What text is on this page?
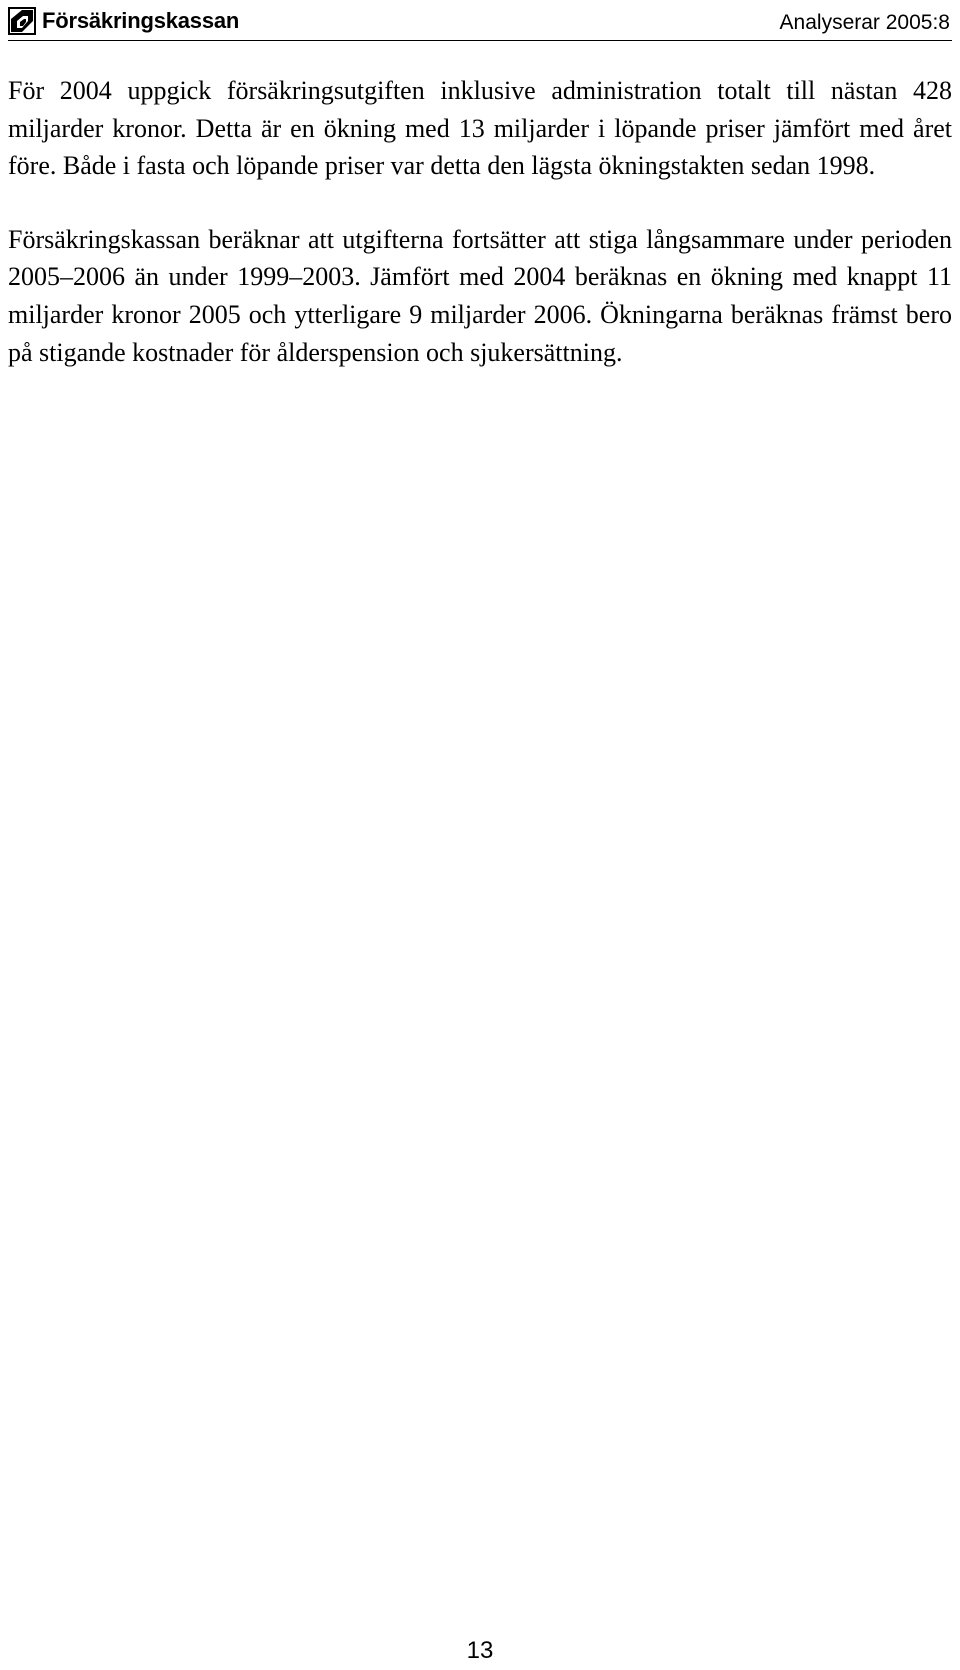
Försäkringskassan	Analyserar 2005:8

För 2004 uppgick försäkringsutgiften inklusive administration totalt till nästan 428 miljarder kronor. Detta är en ökning med 13 miljarder i löpande priser jämfört med året före. Både i fasta och löpande priser var detta den lägsta ökningstakten sedan 1998.

Försäkringskassan beräknar att utgifterna fortsätter att stiga långsammare under perioden 2005–2006 än under 1999–2003. Jämfört med 2004 beräknas en ökning med knappt 11 miljarder kronor 2005 och ytterligare 9 miljarder 2006. Ökningarna beräknas främst bero på stigande kostnader för ålderspension och sjukersättning.

13
